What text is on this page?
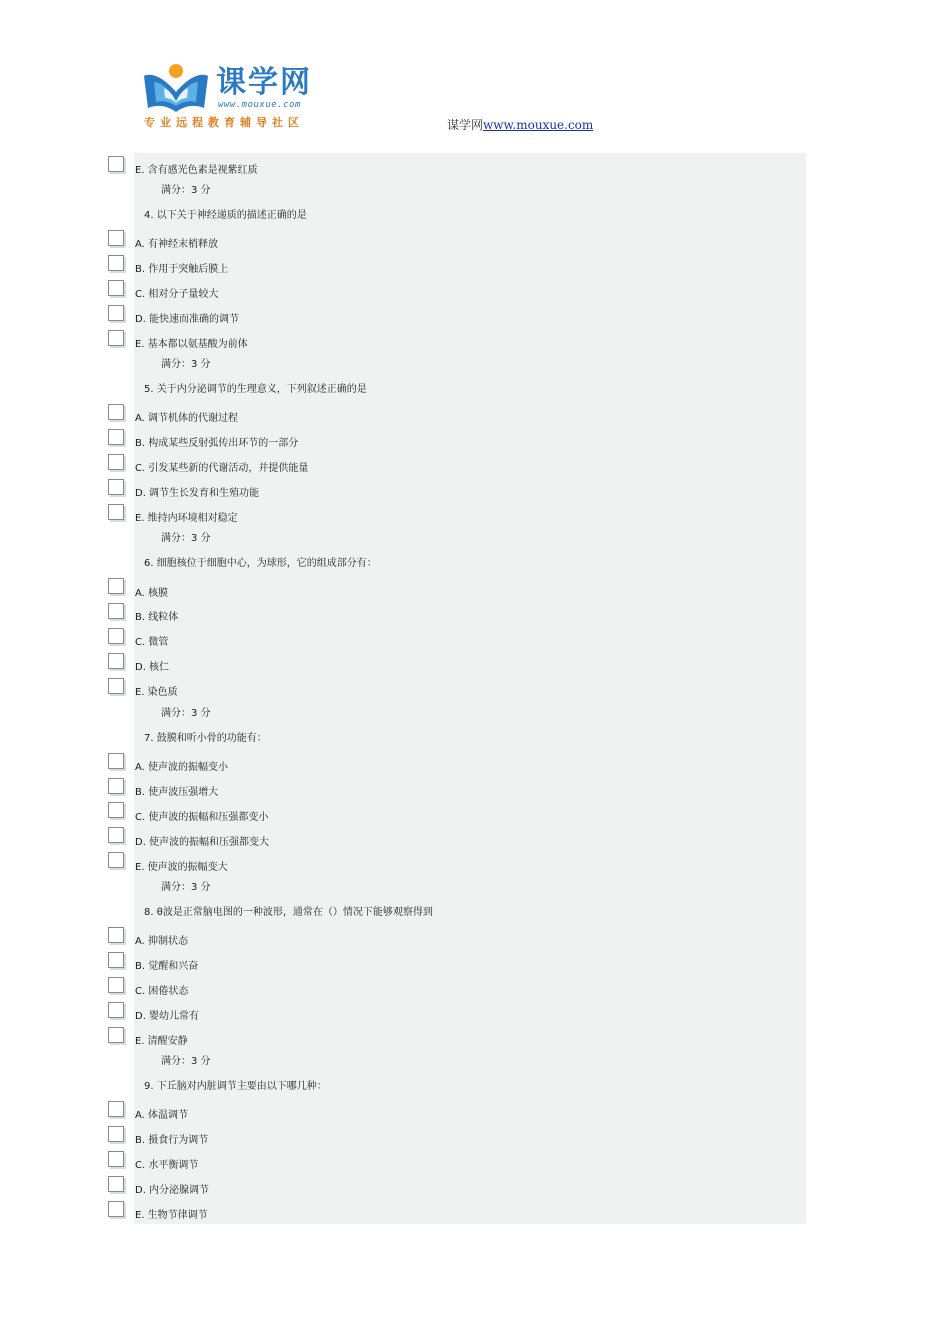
课学网
www.mouxue.com
专业远程教育辅导社区	谋学网www.mouxue.com
E. 含有感光色素是视紫红质
满分：3 分
4. 以下关于神经递质的描述正确的是
A. 有神经末梢释放
B. 作用于突触后膜上
C. 相对分子量较大
D. 能快速而准确的调节
E. 基本都以氨基酸为前体
满分：3 分
5. 关于内分泌调节的生理意义，下列叙述正确的是
A. 调节机体的代谢过程
B. 构成某些反射弧传出环节的一部分
C. 引发某些新的代谢活动，并提供能量
D. 调节生长发育和生殖功能
E. 维持内环境相对稳定
满分：3 分
6. 细胞核位于细胞中心，为球形，它的组成部分有：
A. 核膜
B. 线粒体
C. 微管
D. 核仁
E. 染色质
满分：3 分
7. 鼓膜和听小骨的功能有：
A. 使声波的振幅变小
B. 使声波压强增大
C. 使声波的振幅和压强都变小
D. 使声波的振幅和压强都变大
E. 使声波的振幅变大
满分：3 分
8. θ波是正常脑电图的一种波形，通常在（）情况下能够观察得到
A. 抑制状态
B. 觉醒和兴奋
C. 困倦状态
D. 婴幼儿常有
E. 清醒安静
满分：3 分
9. 下丘脑对内脏调节主要由以下哪几种：
A. 体温调节
B. 摄食行为调节
C. 水平衡调节
D. 内分泌腺调节
E. 生物节律调节
